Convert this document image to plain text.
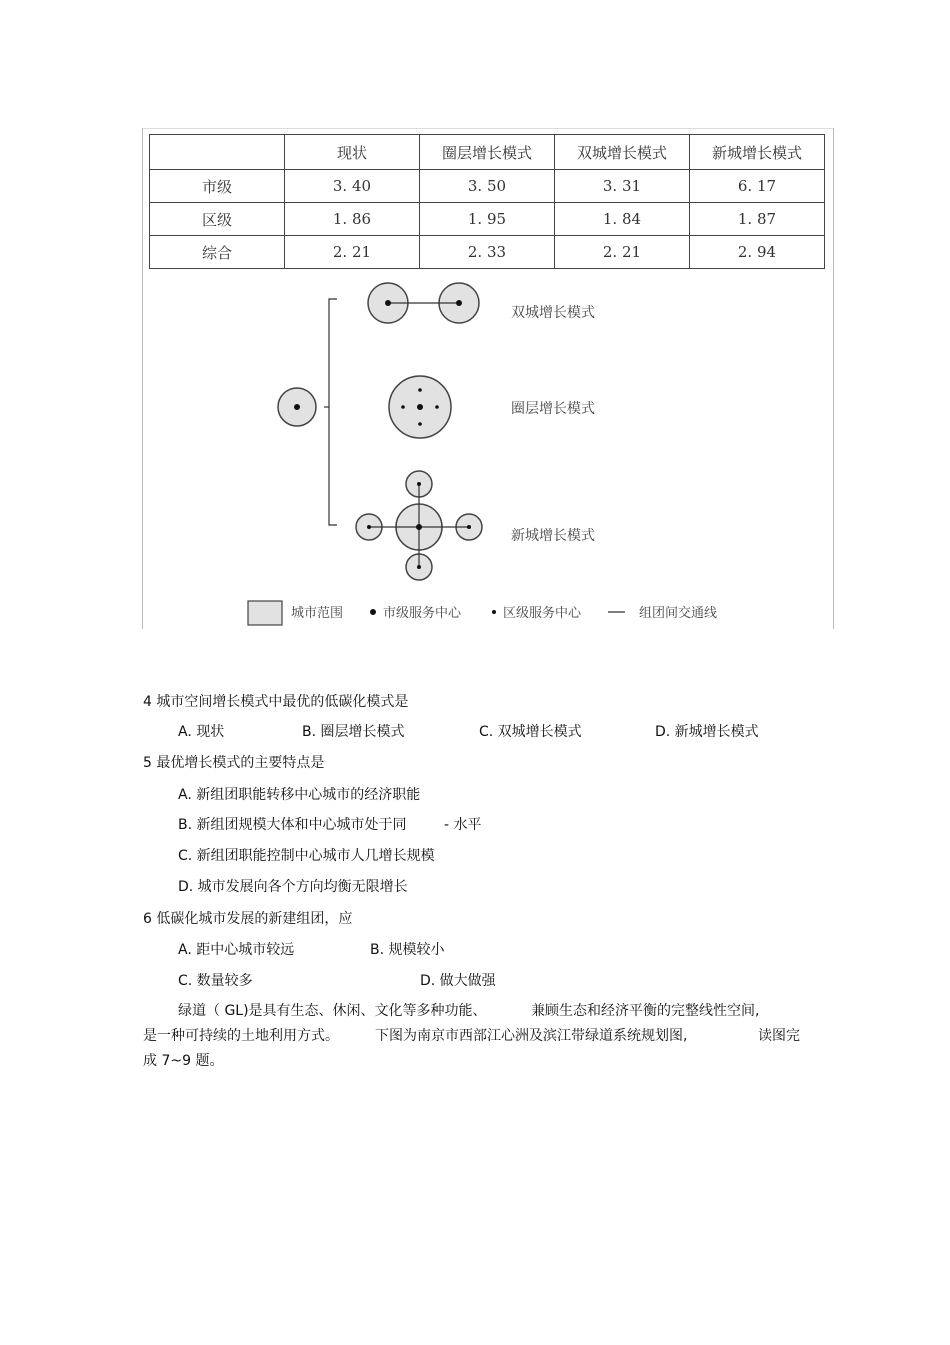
	现状	圈层增长模式	双城增长模式	新城增长模式
市级	3. 40	3. 50	3. 31	6. 17
区级	1. 86	1. 95	1. 84	1. 87
综合	2. 21	2. 33	2. 21	2. 94
双城增长模式
圈层增长模式
新城增长模式
城市范围	市级服务中心	区级服务中心	组团间交通线
4 城市空间增长模式中最优的低碳化模式是
A. 现状	B. 圈层增长模式	C. 双城增长模式	D. 新城增长模式
5 最优增长模式的主要特点是
A. 新组团职能转移中心城市的经济职能
B. 新组团规模大体和中心城市处于同	- 水平
C. 新组团职能控制中心城市人几增长规模
D. 城市发展向各个方向均衡无限增长
6 低碳化城市发展的新建组团，应
A. 距中心城市较远	B. 规模较小
C. 数量较多	D. 做大做强
绿道（ GL)是具有生态、休闲、文化等多种功能、	兼顾生态和经济平衡的完整线性空间,
是一种可持续的土地利用方式。	下图为南京市西部江心洲及滨江带绿道系统规划图,	读图完
成 7~9 题。
